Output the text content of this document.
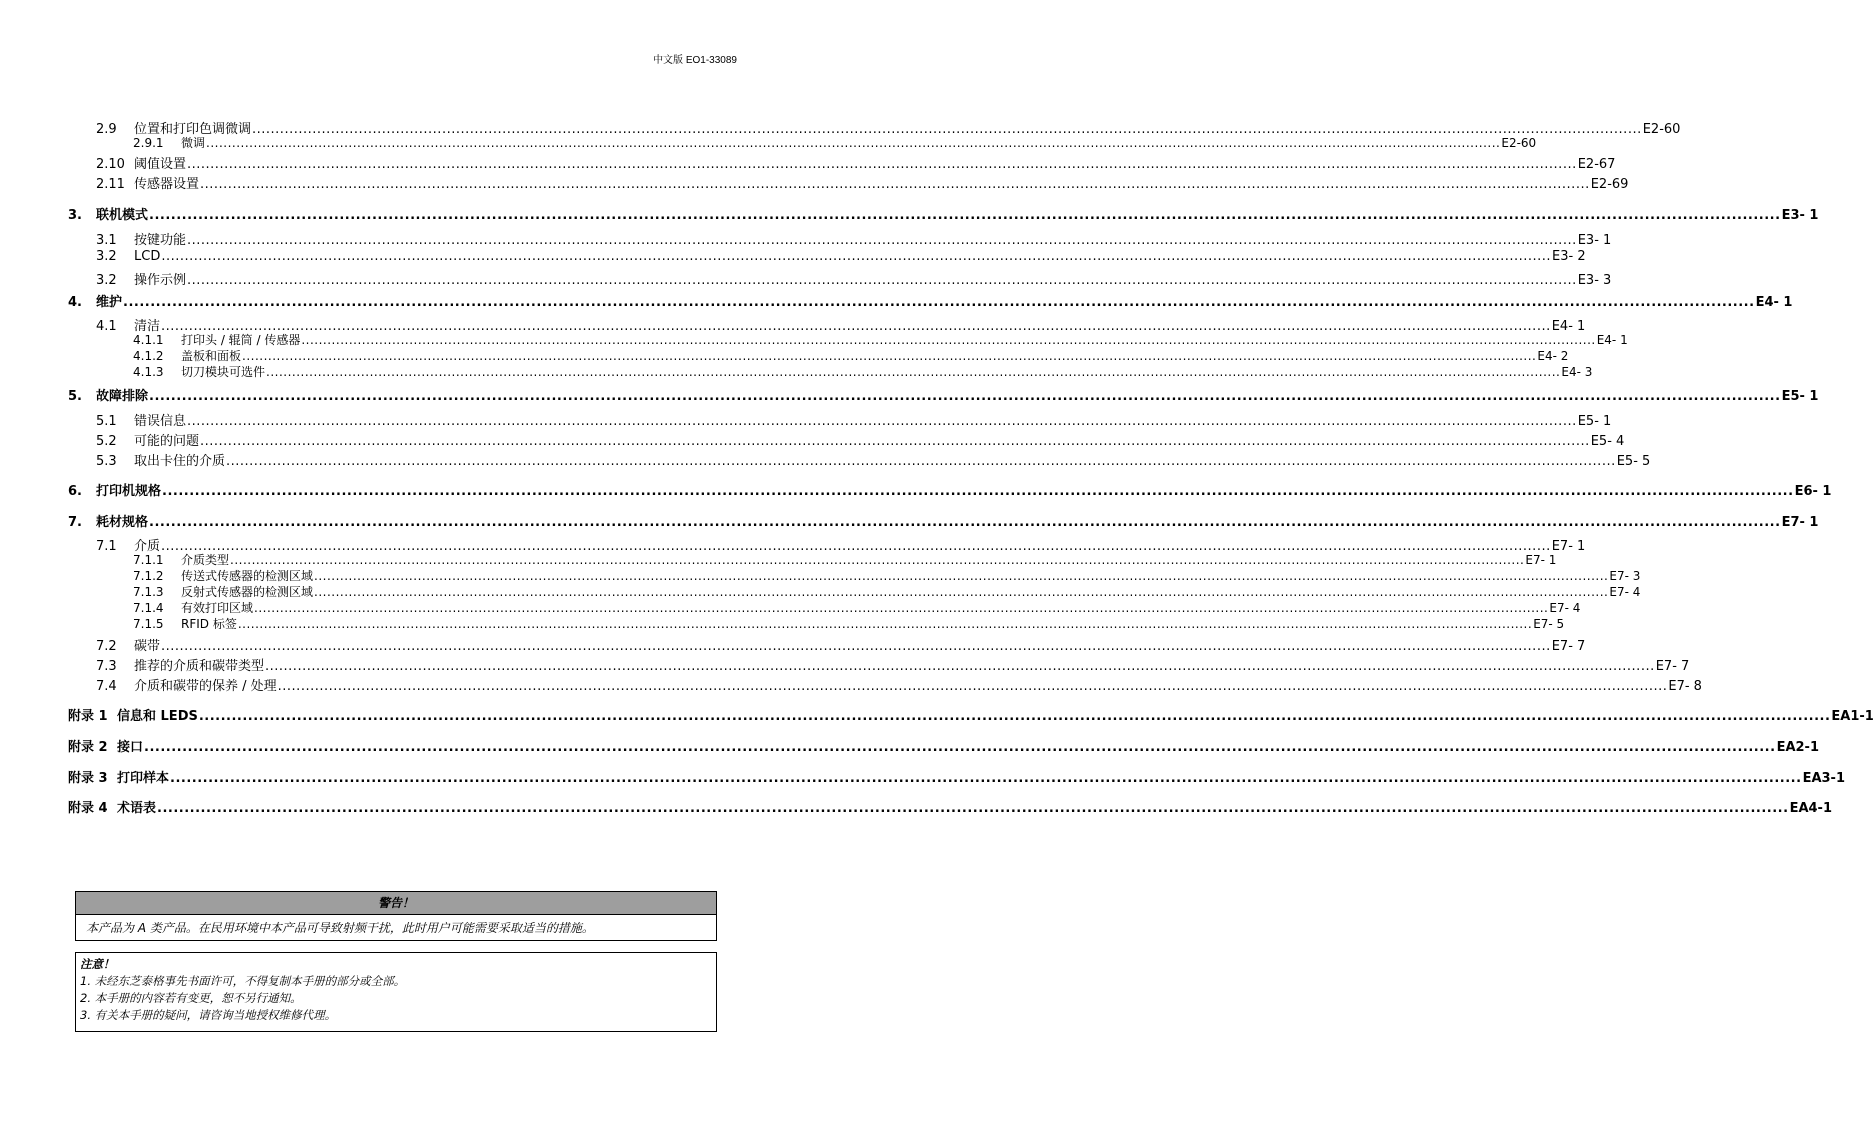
中文版 EO1-33089
2.9	位置和打印色调微调 ............................................................................................................................................................................................................................................................................................................ E2-60
2.9.1	微调 ............................................................................................................................................................................................................................................................................................................ E2-60
2.10 阈值设置 ............................................................................................................................................................................................................................................................................................................ E2-67
2.11 传感器设置 ............................................................................................................................................................................................................................................................................................................ E2-69
3.	联机模式 ............................................................................................................................................................................................................................................................................................................ E3- 1
3.1	按键功能 ............................................................................................................................................................................................................................................................................................................ E3- 1
3.2	LCD ............................................................................................................................................................................................................................................................................................................ E3- 2
3.2	操作示例 ............................................................................................................................................................................................................................................................................................................ E3- 3
4.	维护 ............................................................................................................................................................................................................................................................................................................ E4- 1
4.1	清洁 ............................................................................................................................................................................................................................................................................................................ E4- 1
4.1.1	打印头 / 辊筒 / 传感器 ............................................................................................................................................................................................................................................................................................................ E4- 1
4.1.2	盖板和面板 ............................................................................................................................................................................................................................................................................................................ E4- 2
4.1.3	切刀模块可选件 ............................................................................................................................................................................................................................................................................................................ E4- 3
5.	故障排除 ............................................................................................................................................................................................................................................................................................................ E5- 1
5.1	错误信息 ............................................................................................................................................................................................................................................................................................................ E5- 1
5.2	可能的问题 ............................................................................................................................................................................................................................................................................................................ E5- 4
5.3	取出卡住的介质 ............................................................................................................................................................................................................................................................................................................ E5- 5
6.	打印机规格 ............................................................................................................................................................................................................................................................................................................ E6- 1
7.	耗材规格 ............................................................................................................................................................................................................................................................................................................ E7- 1
7.1	介质 ............................................................................................................................................................................................................................................................................................................ E7- 1
7.1.1	介质类型 ............................................................................................................................................................................................................................................................................................................ E7- 1
7.1.2	传送式传感器的检测区域 ............................................................................................................................................................................................................................................................................................................ E7- 3
7.1.3	反射式传感器的检测区域 ............................................................................................................................................................................................................................................................................................................ E7- 4
7.1.4	有效打印区域 ............................................................................................................................................................................................................................................................................................................ E7- 4
7.1.5	RFID 标签 ............................................................................................................................................................................................................................................................................................................ E7- 5
7.2	碳带 ............................................................................................................................................................................................................................................................................................................ E7- 7
7.3	推荐的介质和碳带类型 ............................................................................................................................................................................................................................................................................................................ E7- 7
7.4	介质和碳带的保养 / 处理 ............................................................................................................................................................................................................................................................................................................ E7- 8
附录 1 信息和 LEDS ............................................................................................................................................................................................................................................................................................................ EA1-1
附录 2 接口 ............................................................................................................................................................................................................................................................................................................ EA2-1
附录 3 打印样本 ............................................................................................................................................................................................................................................................................................................ EA3-1
附录 4 术语表 ............................................................................................................................................................................................................................................................................................................ EA4-1
警告！
本产品为 A 类产品。在民用环境中本产品可导致射频干扰，此时用户可能需要采取适当的措施。
注意！
1. 未经东芝泰格事先书面许可，不得复制本手册的部分或全部。
2. 本手册的内容若有变更，恕不另行通知。
3. 有关本手册的疑问，请咨询当地授权维修代理。
